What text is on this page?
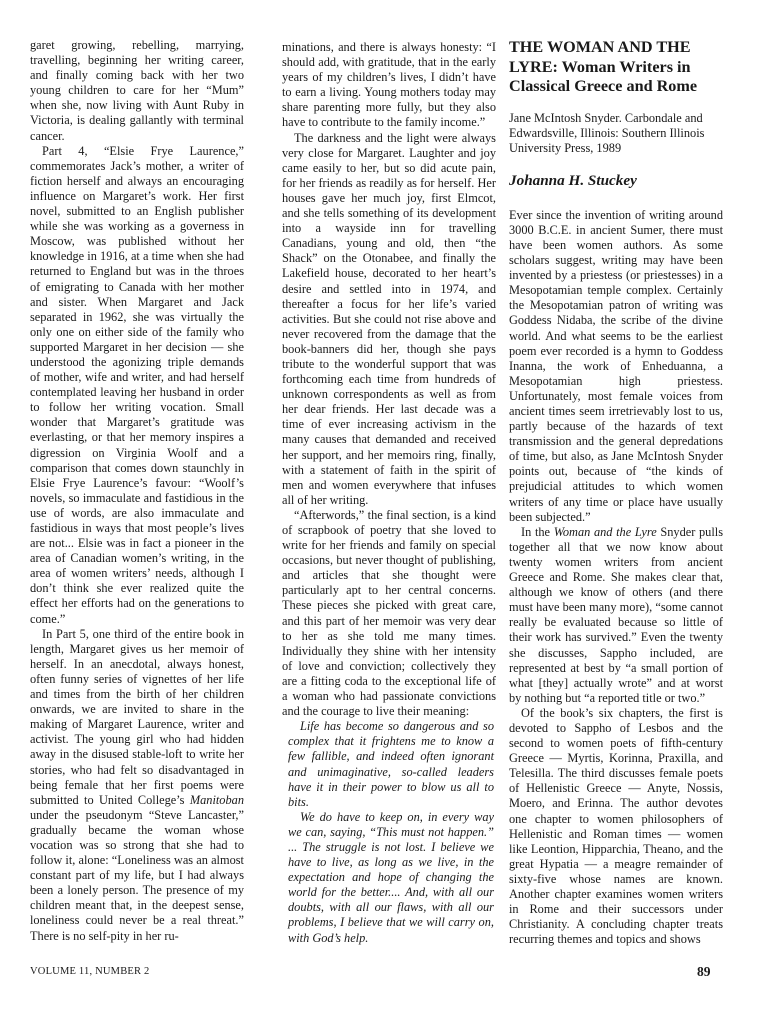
garet growing, rebelling, marrying, travelling, beginning her writing career, and finally coming back with her two young children to care for her “Mum” when she, now living with Aunt Ruby in Victoria, is dealing gallantly with terminal cancer.

Part 4, “Elsie Frye Laurence,” commemorates Jack’s mother, a writer of fiction herself and always an encouraging influence on Margaret’s work. Her first novel, submitted to an English publisher while she was working as a governess in Moscow, was published without her knowledge in 1916, at a time when she had returned to England but was in the throes of emigrating to Canada with her mother and sister. When Margaret and Jack separated in 1962, she was virtually the only one on either side of the family who supported Margaret in her decision — she understood the agonizing triple demands of mother, wife and writer, and had herself contemplated leaving her husband in order to follow her writing vocation. Small wonder that Margaret’s gratitude was everlasting, or that her memory inspires a digression on Virginia Woolf and a comparison that comes down staunchly in Elsie Frye Laurence’s favour: “Woolf’s novels, so immaculate and fastidious in the use of words, are also immaculate and fastidious in ways that most people’s lives are not... Elsie was in fact a pioneer in the area of Canadian women’s writing, in the area of women writers’ needs, although I don’t think she ever realized quite the effect her efforts had on the generations to come.”

In Part 5, one third of the entire book in length, Margaret gives us her memoir of herself. In an anecdotal, always honest, often funny series of vignettes of her life and times from the birth of her children onwards, we are invited to share in the making of Margaret Laurence, writer and activist. The young girl who had hidden away in the disused stable-loft to write her stories, who had felt so disadvantaged in being female that her first poems were submitted to United College’s Manitoban under the pseudonym “Steve Lancaster,” gradually became the woman whose vocation was so strong that she had to follow it, alone: “Loneliness was an almost constant part of my life, but I had always been a lonely person. The presence of my children meant that, in the deepest sense, loneliness could never be a real threat.” There is no self-pity in her ru-

minations, and there is always honesty: “I should add, with gratitude, that in the early years of my children’s lives, I didn’t have to earn a living. Young mothers today may share parenting more fully, but they also have to contribute to the family income.”

The darkness and the light were always very close for Margaret. Laughter and joy came easily to her, but so did acute pain, for her friends as readily as for herself. Her houses gave her much joy, first Elmcot, and she tells something of its development into a wayside inn for travelling Canadians, young and old, then “the Shack” on the Otonabee, and finally the Lakefield house, decorated to her heart’s desire and settled into in 1974, and thereafter a focus for her life’s varied activities. But she could not rise above and never recovered from the damage that the book-banners did her, though she pays tribute to the wonderful support that was forthcoming each time from hundreds of unknown correspondents as well as from her dear friends. Her last decade was a time of ever increasing activism in the many causes that demanded and received her support, and her memoirs ring, finally, with a statement of faith in the spirit of men and women everywhere that infuses all of her writing.

“Afterwords,” the final section, is a kind of scrapbook of poetry that she loved to write for her friends and family on special occasions, but never thought of publishing, and articles that she thought were particularly apt to her central concerns. These pieces she picked with great care, and this part of her memoir was very dear to her as she told me many times. Individually they shine with her intensity of love and conviction; collectively they are a fitting coda to the exceptional life of a woman who had passionate convictions and the courage to live their meaning:

Life has become so dangerous and so complex that it frightens me to know a few fallible, and indeed often ignorant and unimaginative, so-called leaders have it in their power to blow us all to bits.

We do have to keep on, in every way we can, saying, “This must not happen.” ... The struggle is not lost. I believe we have to live, as long as we live, in the expectation and hope of changing the world for the better.... And, with all our doubts, with all our flaws, with all our problems, I believe that we will carry on, with God’s help.

THE WOMAN AND THE LYRE: Woman Writers in Classical Greece and Rome
Jane McIntosh Snyder. Carbondale and Edwardsville, Illinois: Southern Illinois University Press, 1989
Johanna H. Stuckey

Ever since the invention of writing around 3000 B.C.E. in ancient Sumer, there must have been women authors. As some scholars suggest, writing may have been invented by a priestess (or priestesses) in a Mesopotamian temple complex. Certainly the Mesopotamian patron of writing was Goddess Nidaba, the scribe of the divine world. And what seems to be the earliest poem ever recorded is a hymn to Goddess Inanna, the work of Enheduanna, a Mesopotamian high priestess. Unfortunately, most female voices from ancient times seem irretrievably lost to us, partly because of the hazards of text transmission and the general depredations of time, but also, as Jane McIntosh Snyder points out, because of “the kinds of prejudicial attitudes to which women writers of any time or place have usually been subjected.”

In the Woman and the Lyre Snyder pulls together all that we now know about twenty women writers from ancient Greece and Rome. She makes clear that, although we know of others (and there must have been many more), “some cannot really be evaluated because so little of their work has survived.” Even the twenty she discusses, Sappho included, are represented at best by “a small portion of what [they] actually wrote” and at worst by nothing but “a reported title or two.”

Of the book’s six chapters, the first is devoted to Sappho of Lesbos and the second to women poets of fifth-century Greece — Myrtis, Korinna, Praxilla, and Telesilla. The third discusses female poets of Hellenistic Greece — Anyte, Nossis, Moero, and Erinna. The author devotes one chapter to women philosophers of Hellenistic and Roman times — women like Leontion, Hipparchia, Theano, and the great Hypatia — a meagre remainder of sixty-five whose names are known. Another chapter examines women writers in Rome and their successors under Christianity. A concluding chapter treats recurring themes and topics and shows

VOLUME 11, NUMBER 2	89
